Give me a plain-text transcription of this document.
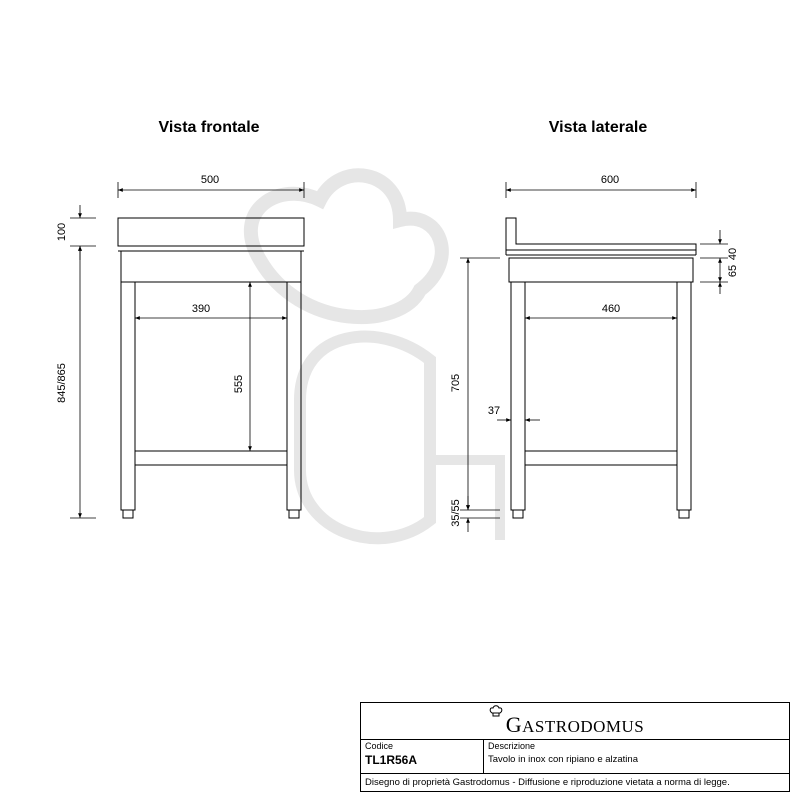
Vista frontale	Vista laterale
500
100
845/865
390
555
600
40
65
460
705
37
35/55
GASTRODOMUS
Codice
TL1R56A
Descrizione
Tavolo in inox con ripiano e alzatina
Disegno di proprietà Gastrodomus - Diffusione e riproduzione vietata a norma di legge.
